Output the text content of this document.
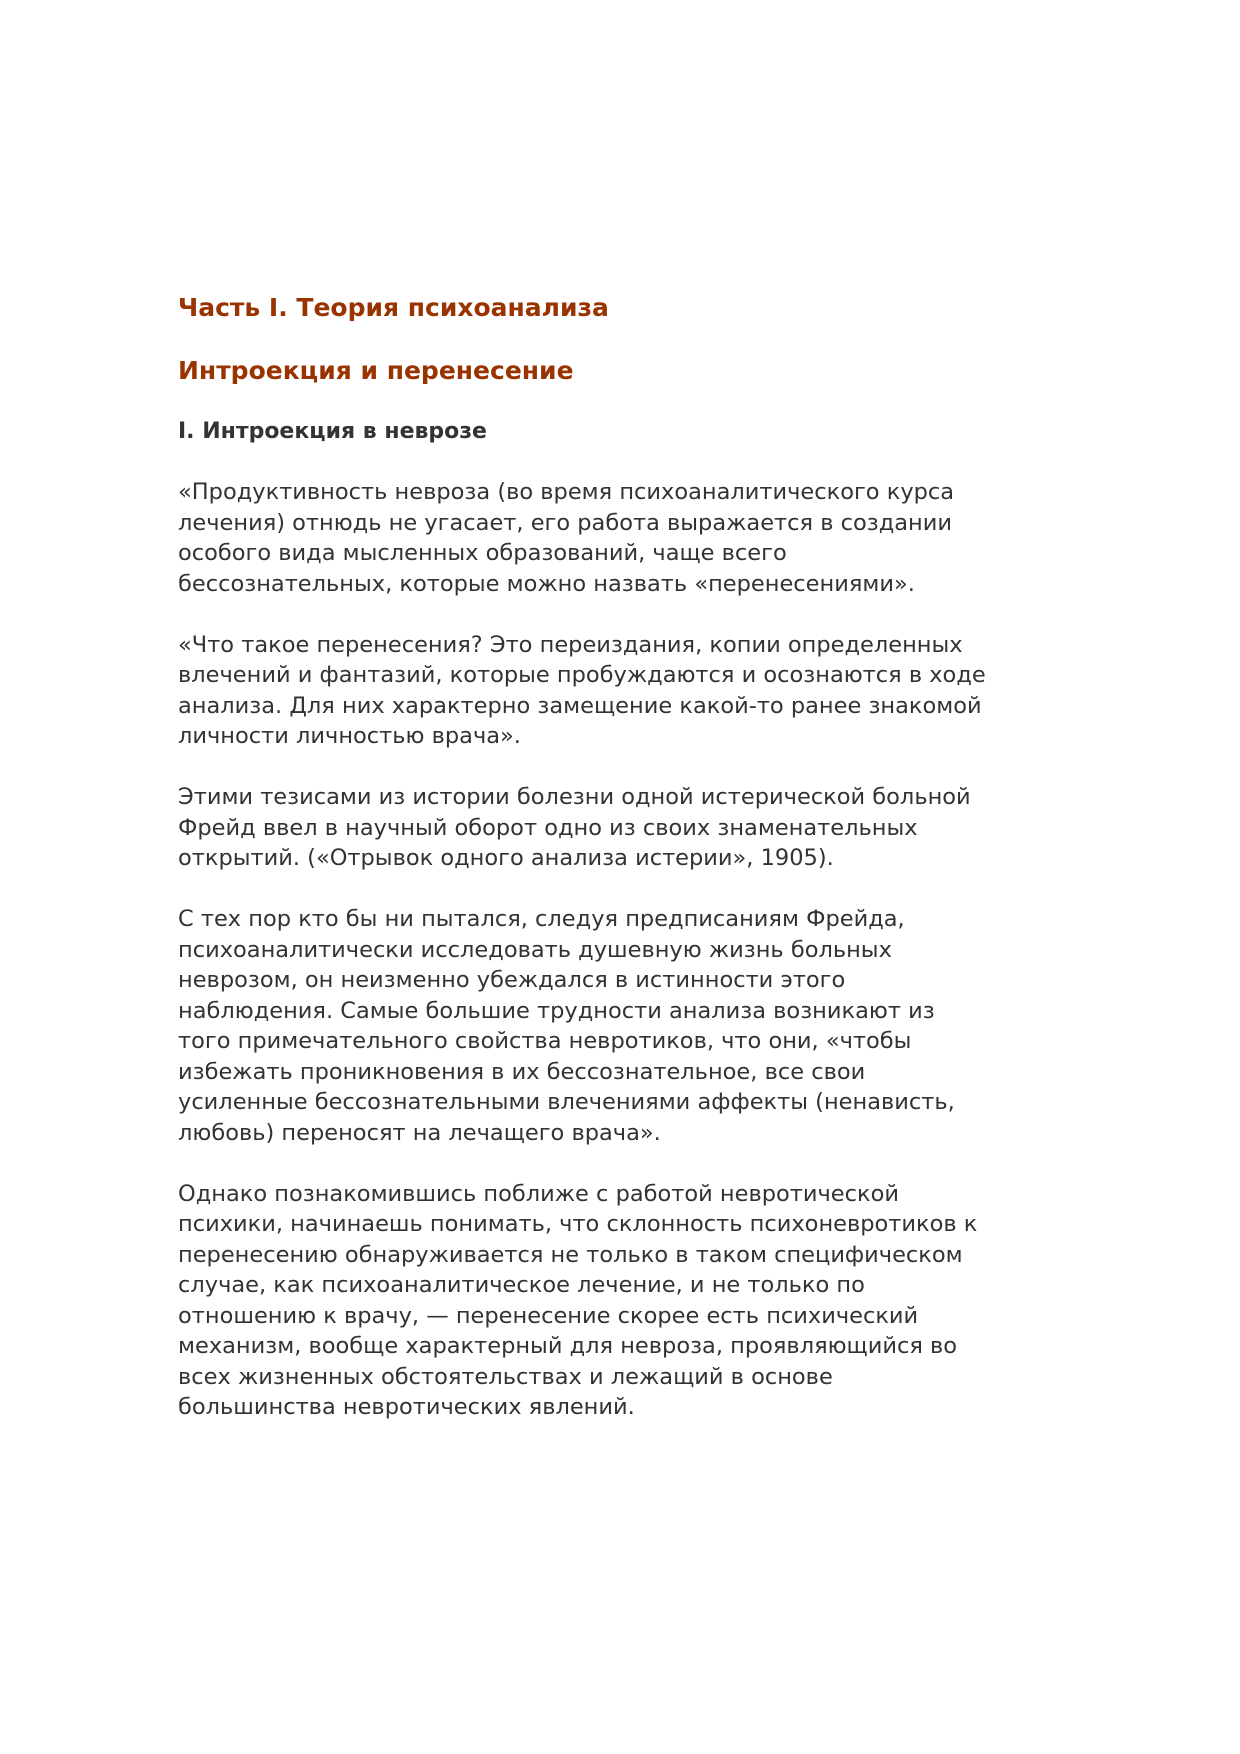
Часть I. Теория психоанализа
Интроекция и перенесение
I. Интроекция в неврозе

«Продуктивность невроза (во время психоаналитического курса
лечения) отнюдь не угасает, его работа выражается в создании
особого вида мысленных образований, чаще всего
бессознательных, которые можно назвать «перенесениями».

«Что такое перенесения? Это переиздания, копии определенных
влечений и фантазий, которые пробуждаются и осознаются в ходе
анализа. Для них характерно замещение какой-то ранее знакомой
личности личностью врача».

Этими тезисами из истории болезни одной истерической больной
Фрейд ввел в научный оборот одно из своих знаменательных
открытий. («Отрывок одного анализа истерии», 1905).

С тех пор кто бы ни пытался, следуя предписаниям Фрейда,
психоаналитически исследовать душевную жизнь больных
неврозом, он неизменно убеждался в истинности этого
наблюдения. Самые большие трудности анализа возникают из
того примечательного свойства невротиков, что они, «чтобы
избежать проникновения в их бессознательное, все свои
усиленные бессознательными влечениями аффекты (ненависть,
любовь) переносят на лечащего врача».

Однако познакомившись поближе с работой невротической
психики, начинаешь понимать, что склонность психоневротиков к
перенесению обнаруживается не только в таком специфическом
случае, как психоаналитическое лечение, и не только по
отношению к врачу, — перенесение скорее есть психический
механизм, вообще характерный для невроза, проявляющийся во
всех жизненных обстоятельствах и лежащий в основе
большинства невротических явлений.
